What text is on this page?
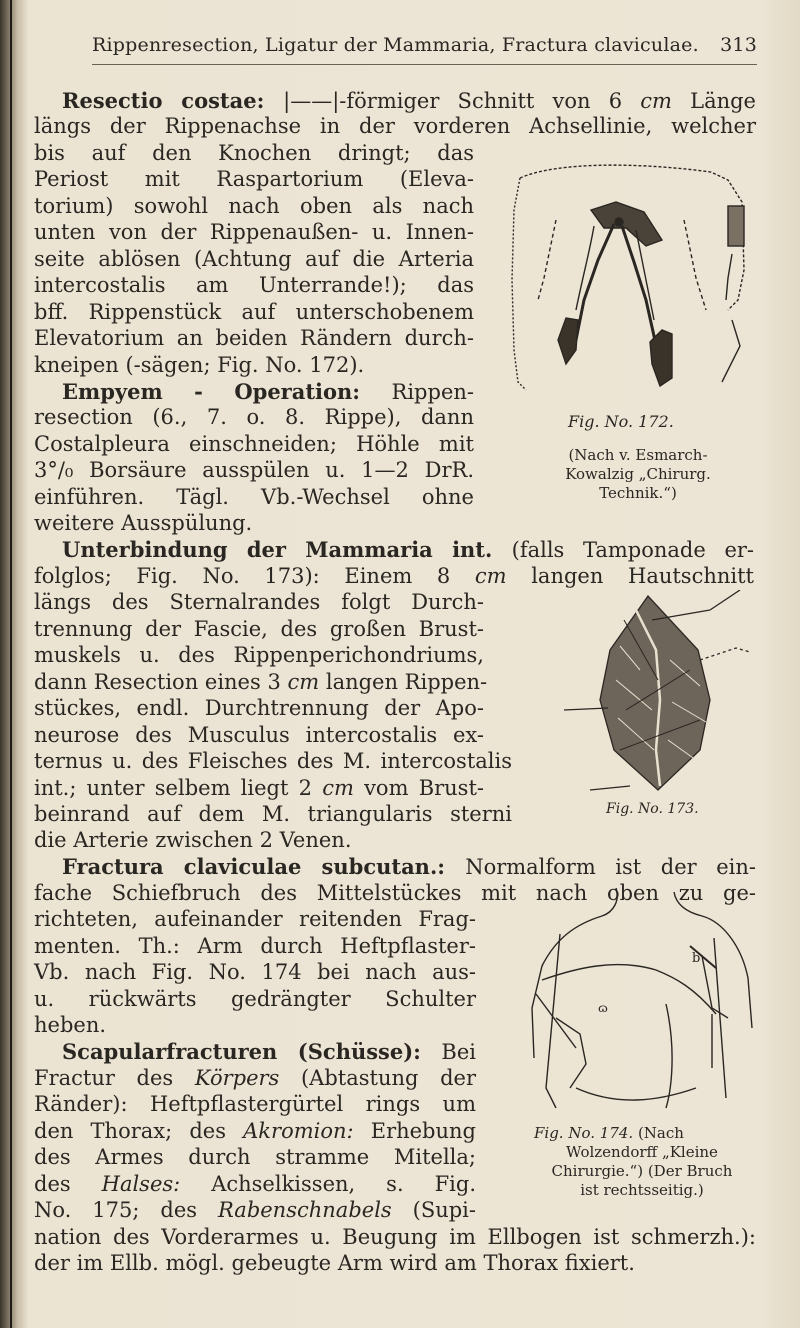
Rippenresection, Ligatur der Mammaria, Fractura claviculae. 313
Resectio costae: |——|-förmiger Schnitt von 6 cm Länge
längs der Rippenachse in der vorderen Achsellinie, welcher
bis auf den Knochen dringt; das
Periost mit Raspartorium (Eleva-
torium) sowohl nach oben als nach
unten von der Rippenaußen- u. Innen-
seite ablösen (Achtung auf die Arteria
intercostalis am Unterrande!); das
bff. Rippenstück auf unterschobenem
Elevatorium an beiden Rändern durch-
kneipen (-sägen; Fig. No. 172).
Empyem - Operation: Rippen-
resection (6., 7. o. 8. Rippe), dann
Costalpleura einschneiden; Höhle mit
3°/₀ Borsäure ausspülen u. 1—2 DrR.
einführen. Tägl. Vb.-Wechsel ohne
weitere Ausspülung.
Unterbindung der Mammaria int. (falls Tamponade er-
folglos; Fig. No. 173): Einem 8 cm langen Hautschnitt
längs des Sternalrandes folgt Durch-
trennung der Fascie, des großen Brust-
muskels u. des Rippenperichondriums,
dann Resection eines 3 cm langen Rippen-
stückes, endl. Durchtrennung der Apo-
neurose des Musculus intercostalis ex-
ternus u. des Fleisches des M. intercostalis
int.; unter selbem liegt 2 cm vom Brust-
beinrand auf dem M. triangularis sterni
die Arterie zwischen 2 Venen.
Fractura claviculae subcutan.: Normalform ist der ein-
fache Schiefbruch des Mittelstückes mit nach oben zu ge-
richteten, aufeinander reitenden Frag-
menten. Th.: Arm durch Heftpflaster-
Vb. nach Fig. No. 174 bei nach aus-
u. rückwärts gedrängter Schulter
heben.
Scapularfracturen (Schüsse): Bei
Fractur des Körpers (Abtastung der
Ränder): Heftpflastergürtel rings um
den Thorax; des Akromion: Erhebung
des Armes durch stramme Mitella;
des Halses: Achselkissen, s. Fig.
No. 175; des Rabenschnabels (Supi-
nation des Vorderarmes u. Beugung im Ellbogen ist schmerzh.):
der im Ellb. mögl. gebeugte Arm wird am Thorax fixiert.
Fig. No. 172.
(Nach v. Esmarch-
Kowalzig „Chirurg.
Technik.“)
Fig. No. 173.
b
ɷ
Fig. No. 174. (Nach
Wolzendorff „Kleine
Chirurgie.“) (Der Bruch
ist rechtsseitig.)
